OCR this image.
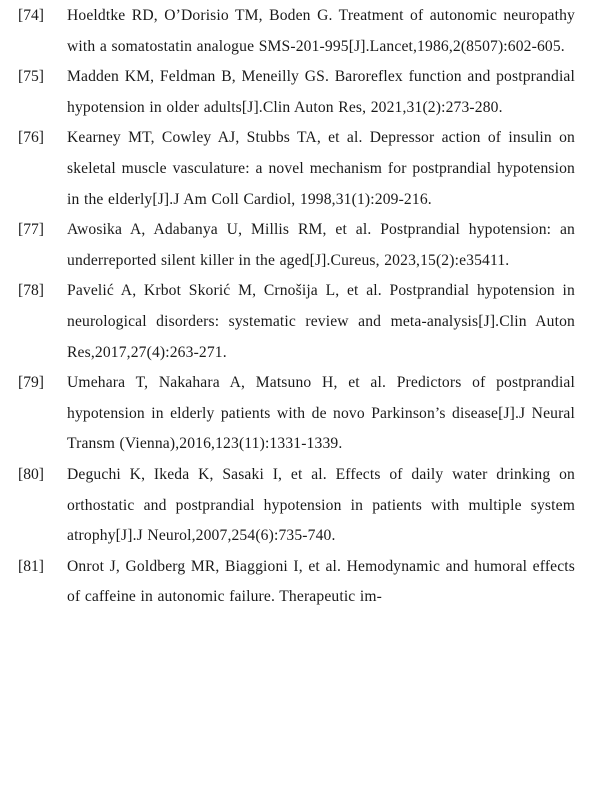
[74]	Hoeldtke RD, O’Dorisio TM, Boden G. Treatment of autonomic neuropathy with a somatostatin analogue SMS-201-995[J].Lancet,1986,2(8507):602-605.
[75]	Madden KM, Feldman B, Meneilly GS. Baroreflex function and postprandial hypotension in older adults[J].Clin Auton Res, 2021,31(2):273-280.
[76]	Kearney MT, Cowley AJ, Stubbs TA, et al. Depressor action of insulin on skeletal muscle vasculature: a novel mechanism for postprandial hypotension in the elderly[J].J Am Coll Cardiol, 1998,31(1):209-216.
[77]	Awosika A, Adabanya U, Millis RM, et al. Postprandial hypotension: an underreported silent killer in the aged[J].Cureus, 2023,15(2):e35411.
[78]	Pavelić A, Krbot Skorić M, Crnošija L, et al. Postprandial hypotension in neurological disorders: systematic review and meta-analysis[J].Clin Auton Res,2017,27(4):263-271.
[79]	Umehara T, Nakahara A, Matsuno H, et al. Predictors of postprandial hypotension in elderly patients with de novo Parkinson’s disease[J].J Neural Transm (Vienna),2016,123(11):1331-1339.
[80]	Deguchi K, Ikeda K, Sasaki I, et al. Effects of daily water drinking on orthostatic and postprandial hypotension in patients with multiple system atrophy[J].J Neurol,2007,254(6):735-740.
[81]	Onrot J, Goldberg MR, Biaggioni I, et al. Hemodynamic and humoral effects of caffeine in autonomic failure. Therapeutic im-
